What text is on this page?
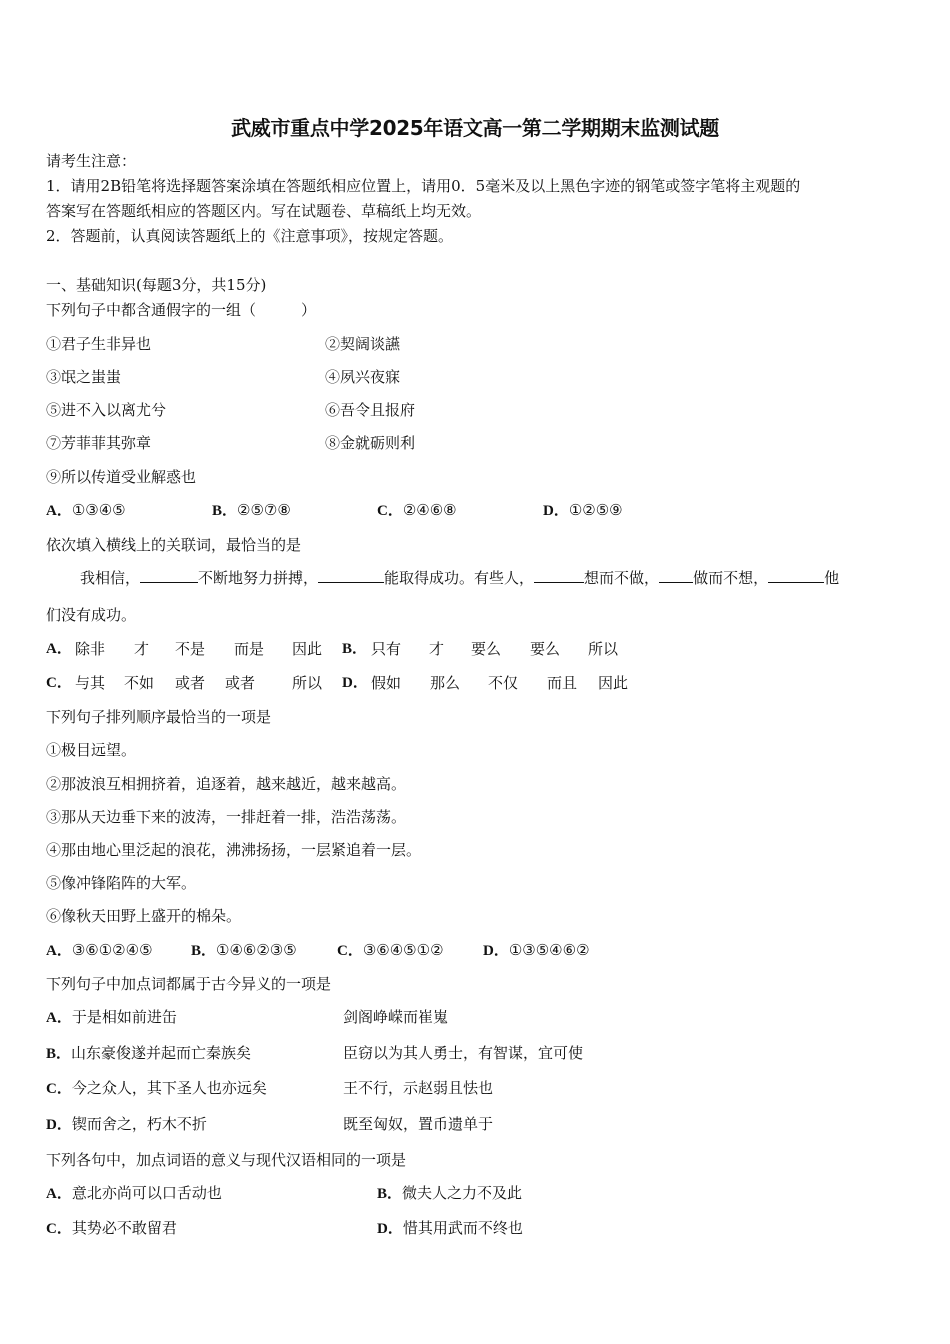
武威市重点中学2025年语文高一第二学期期末监测试题
请考生注意：
1．请用2B铅笔将选择题答案涂填在答题纸相应位置上，请用0．5毫米及以上黑色字迹的钢笔或签字笔将主观题的
答案写在答题纸相应的答题区内。写在试题卷、草稿纸上均无效。
2．答题前，认真阅读答题纸上的《注意事项》，按规定答题。
一、基础知识(每题3分，共15分)
下列句子中都含通假字的一组（　　　）
①君子生非异也	②契阔谈讌
③氓之蚩蚩	④夙兴夜寐
⑤进不入以离尤兮	⑥吾令且报府
⑦芳菲菲其弥章	⑧金就砺则利
⑨所以传道受业解惑也
A．①③④⑤	B．②⑤⑦⑧	C．②④⑥⑧	D．①②⑤⑨
依次填入横线上的关联词，最恰当的是
我相信，	不断地努力拼搏，	能取得成功。有些人，	想而不做， 做而不想，	他
们没有成功。
A． 除非 才 不是 而是 因此 B． 只有 才 要么 要么 所以
C． 与其 不如 或者 或者 所以 D． 假如 那么 不仅 而且 因此
下列句子排列顺序最恰当的一项是
①极目远望。
②那波浪互相拥挤着，追逐着，越来越近，越来越高。
③那从天边垂下来的波涛，一排赶着一排，浩浩荡荡。
④那由地心里泛起的浪花，沸沸扬扬，一层紧追着一层。
⑤像冲锋陷阵的大军。
⑥像秋天田野上盛开的棉朵。
A．③⑥①②④⑤	B．①④⑥②③⑤	C．③⑥④⑤①②	D．①③⑤④⑥②
下列句子中加点词都属于古今异义的一项是
A．于是相如前进缶	剑阁峥嵘而崔嵬
B．山东豪俊遂并起而亡秦族矣	臣窃以为其人勇士，有智谋，宜可使
C．今之众人，其下圣人也亦远矣	王不行，示赵弱且怯也
D．锲而舍之，朽木不折	既至匈奴，置币遗单于
下列各句中，加点词语的意义与现代汉语相同的一项是
A．意北亦尚可以口舌动也	B．微夫人之力不及此
C．其势必不敢留君	D．惜其用武而不终也
